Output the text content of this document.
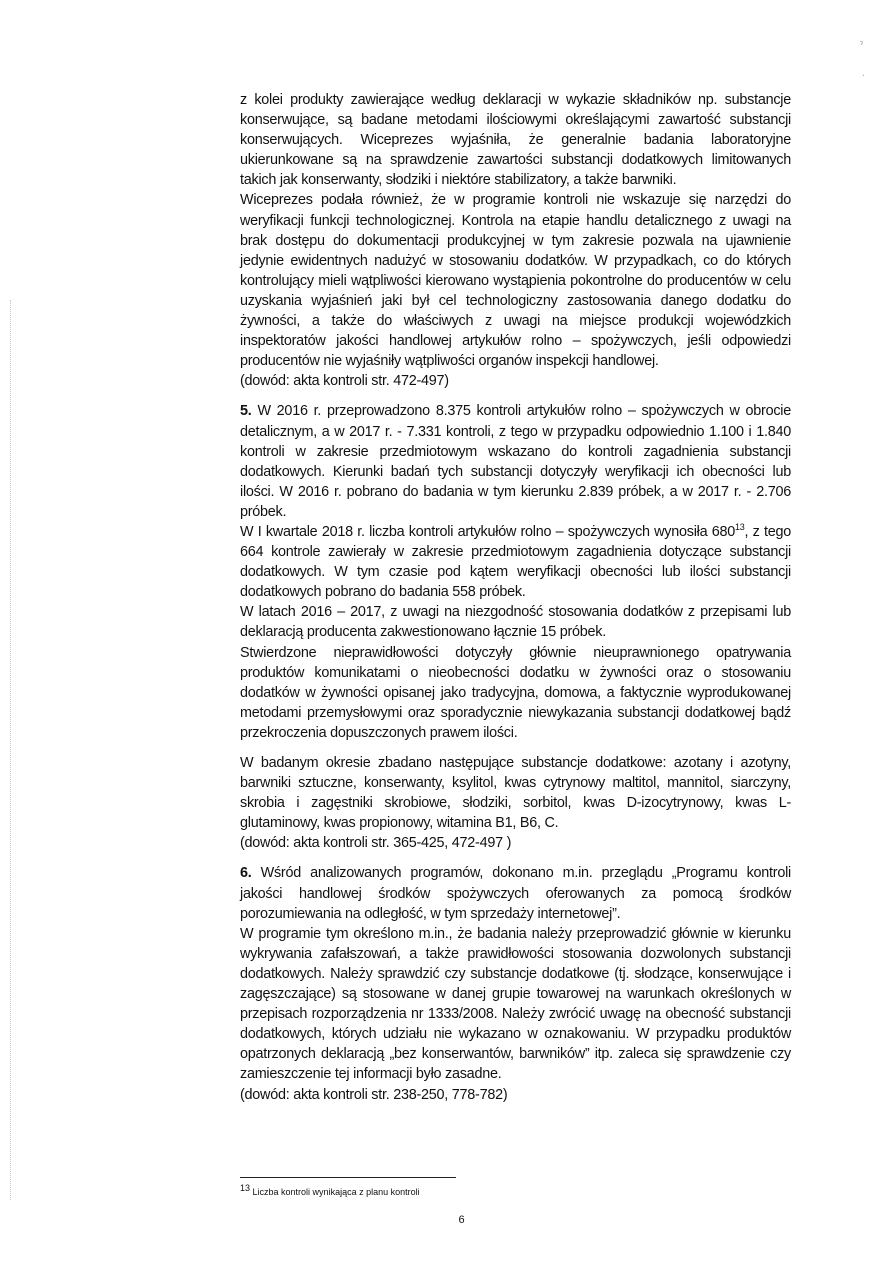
ˀ
ˋ

z kolei produkty zawierające według deklaracji w wykazie składników np. substancje konserwujące, są badane metodami ilościowymi określającymi zawartość substancji konserwujących. Wiceprezes wyjaśniła, że generalnie badania laboratoryjne ukierunkowane są na sprawdzenie zawartości substancji dodatkowych limitowanych takich jak konserwanty, słodziki i niektóre stabilizatory, a także barwniki.

Wiceprezes podała również, że w programie kontroli nie wskazuje się narzędzi do weryfikacji funkcji technologicznej. Kontrola na etapie handlu detalicznego z uwagi na brak dostępu do dokumentacji produkcyjnej w tym zakresie pozwala na ujawnienie jedynie ewidentnych nadużyć w stosowaniu dodatków. W przypadkach, co do których kontrolujący mieli wątpliwości kierowano wystąpienia pokontrolne do producentów w celu uzyskania wyjaśnień jaki był cel technologiczny zastosowania danego dodatku do żywności, a także do właściwych z uwagi na miejsce produkcji wojewódzkich inspektoratów jakości handlowej artykułów rolno – spożywczych, jeśli odpowiedzi producentów nie wyjaśniły wątpliwości organów inspekcji handlowej.

(dowód: akta kontroli str. 472-497)

5. W 2016 r. przeprowadzono 8.375 kontroli artykułów rolno – spożywczych w obrocie detalicznym, a w 2017 r. - 7.331 kontroli, z tego w przypadku odpowiednio 1.100 i 1.840 kontroli w zakresie przedmiotowym wskazano do kontroli zagadnienia substancji dodatkowych. Kierunki badań tych substancji dotyczyły weryfikacji ich obecności lub ilości. W 2016 r. pobrano do badania w tym kierunku 2.839 próbek, a w 2017 r. - 2.706 próbek.

W I kwartale 2018 r. liczba kontroli artykułów rolno – spożywczych wynosiła $680^{13}$, z tego 664 kontrole zawierały w zakresie przedmiotowym zagadnienia dotyczące substancji dodatkowych. W tym czasie pod kątem weryfikacji obecności lub ilości substancji dodatkowych pobrano do badania 558 próbek.

W latach 2016 – 2017, z uwagi na niezgodność stosowania dodatków z przepisami lub deklaracją producenta zakwestionowano łącznie 15 próbek.

Stwierdzone nieprawidłowości dotyczyły głównie nieuprawnionego opatrywania produktów komunikatami o nieobecności dodatku w żywności oraz o stosowaniu dodatków w żywności opisanej jako tradycyjna, domowa, a faktycznie wyprodukowanej metodami przemysłowymi oraz sporadycznie niewykazania substancji dodatkowej bądź przekroczenia dopuszczonych prawem ilości.

W badanym okresie zbadano następujące substancje dodatkowe: azotany i azotyny, barwniki sztuczne, konserwanty, ksylitol, kwas cytrynowy maltitol, mannitol, siarczyny, skrobia i zagęstniki skrobiowe, słodziki, sorbitol, kwas D-izocytrynowy, kwas L-glutaminowy, kwas propionowy, witamina B1, B6, C.

(dowód: akta kontroli str. 365-425, 472-497 )

6. Wśród analizowanych programów, dokonano m.in. przeglądu „Programu kontroli jakości handlowej środków spożywczych oferowanych za pomocą środków porozumiewania na odległość, w tym sprzedaży internetowej”.

W programie tym określono m.in., że badania należy przeprowadzić głównie w kierunku wykrywania zafałszowań, a także prawidłowości stosowania dozwolonych substancji dodatkowych. Należy sprawdzić czy substancje dodatkowe (tj. słodzące, konserwujące i zagęszczające) są stosowane w danej grupie towarowej na warunkach określonych w przepisach rozporządzenia nr 1333/2008. Należy zwrócić uwagę na obecność substancji dodatkowych, których udziału nie wykazano w oznakowaniu. W przypadku produktów opatrzonych deklaracją „bez konserwantów, barwników” itp. zaleca się sprawdzenie czy zamieszczenie tej informacji było zasadne.

(dowód: akta kontroli str. 238-250, 778-782)

$^{13}$ Liczba kontroli wynikająca z planu kontroli
6
